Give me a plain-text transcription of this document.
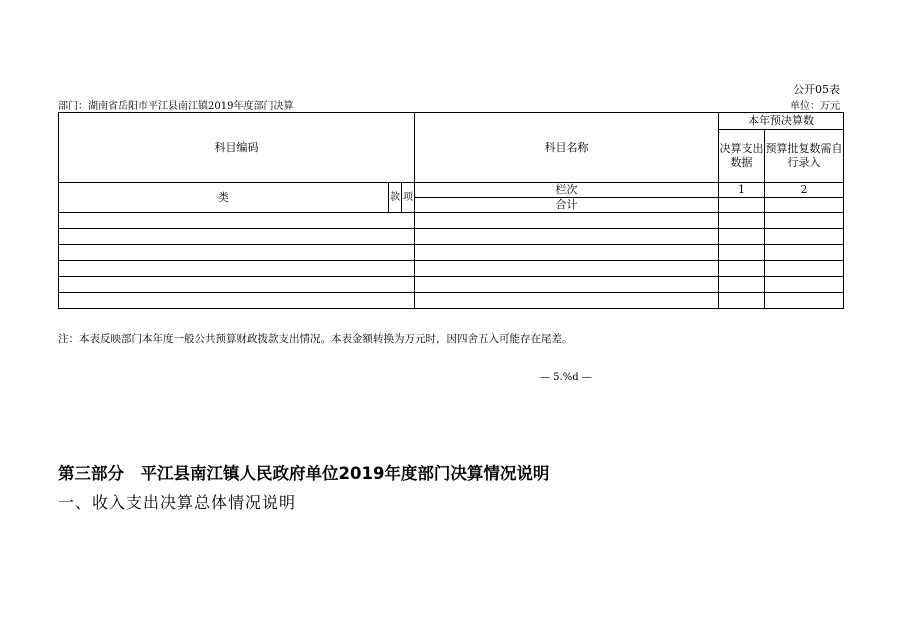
公开05表
部门：湖南省岳阳市平江县南江镇2019年度部门决算	单位：万元
科目编码			科目名称	本年预决算数	
				决算支出数据	预算批复数需自行录入
类	款	项	栏次	1	2
			合计		

注：本表反映部门本年度一般公共预算财政拨款支出情况。本表金额转换为万元时，因四舍五入可能存在尾差。
— 5.%d —
第三部分　平江县南江镇人民政府单位2019年度部门决算情况说明
一、收入支出决算总体情况说明
